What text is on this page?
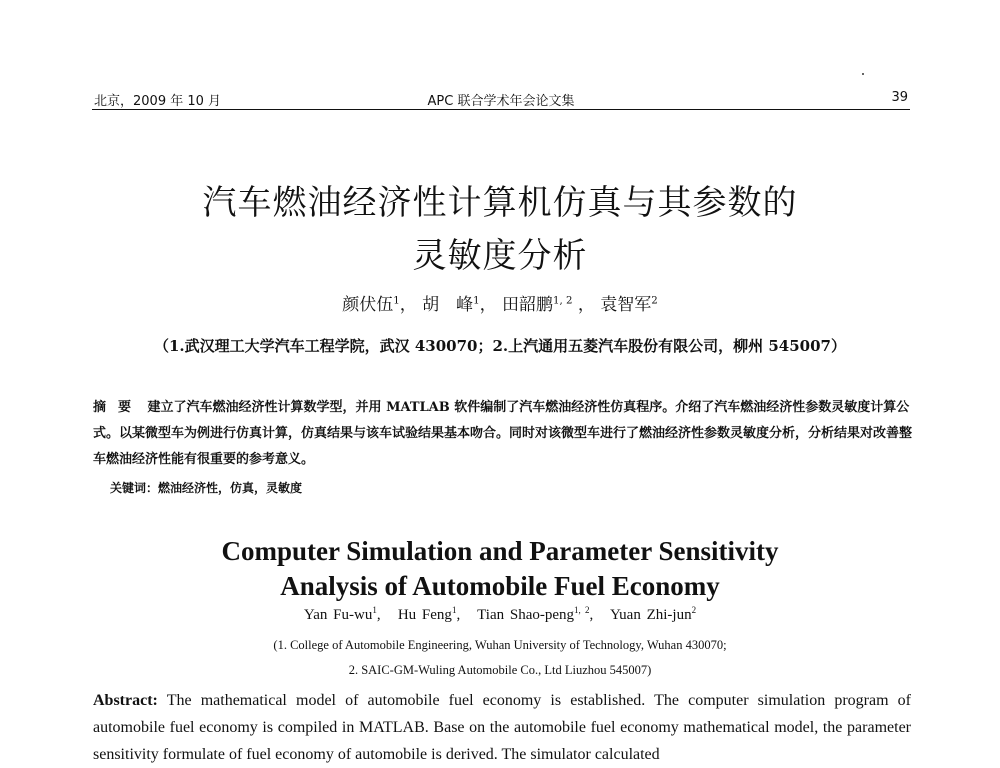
北京，2009 年 10 月	APC 联合学术年会论文集	39
汽车燃油经济性计算机仿真与其参数的
灵敏度分析
颜伏伍$^1$， 胡　峰$^1$， 田韶鹏$^{1, 2}$ ， 袁智军$^2$
（1.武汉理工大学汽车工程学院，武汉 430070；2.上汽通用五菱汽车股份有限公司，柳州 545007）
摘要 建立了汽车燃油经济性计算数学型，并用 MATLAB 软件编制了汽车燃油经济性仿真程序。介绍了汽车燃油经济性参数灵敏度计算公式。以某微型车为例进行仿真计算，仿真结果与该车试验结果基本吻合。同时对该微型车进行了燃油经济性参数灵敏度分析，分析结果对改善整车燃油经济性能有很重要的参考意义。
关键词：燃油经济性，仿真，灵敏度
Computer Simulation and Parameter Sensitivity
Analysis of Automobile Fuel Economy
Yan $Fu-wu^1$,   Hu Feng$^1$,   Tian Shao-peng$^{1, 2}$,   Yuan Zhi-jun$^2$
(1. College of Automobile Engineering, Wuhan University of Technology, Wuhan 430070;
2. SAIC-GM-Wuling Automobile Co., Ltd Liuzhou 545007)
Abstract: The mathematical model of automobile fuel economy is established. The computer simulation program of automobile fuel economy is compiled in MATLAB. Base on the automobile fuel economy mathematical model, the parameter sensitivity formulate of fuel economy of automobile is derived. The simulator calculated
